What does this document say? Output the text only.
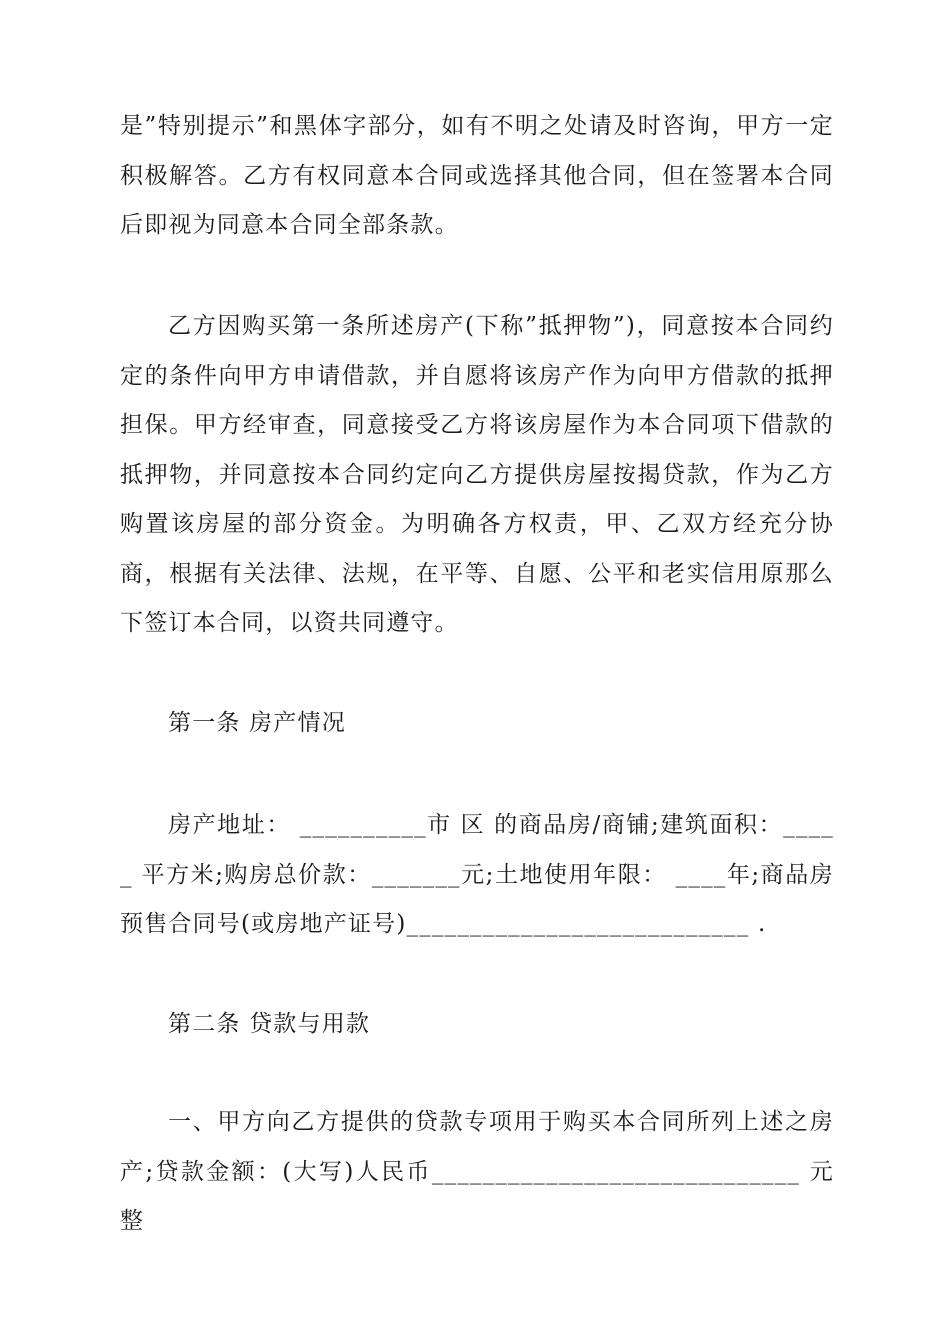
是”特别提示”和黑体字部分，如有不明之处请及时咨询，甲方一定积极解答。乙方有权同意本合同或选择其他合同，但在签署本合同后即视为同意本合同全部条款。

乙方因购买第一条所述房产(下称”抵押物”)，同意按本合同约定的条件向甲方申请借款，并自愿将该房产作为向甲方借款的抵押担保。甲方经审查，同意接受乙方将该房屋作为本合同项下借款的抵押物，并同意按本合同约定向乙方提供房屋按揭贷款，作为乙方购置该房屋的部分资金。为明确各方权责，甲、乙双方经充分协商，根据有关法律、法规，在平等、自愿、公平和老实信用原那么下签订本合同，以资共同遵守。

第一条 房产情况

房产地址： __________市 区 的商品房/商铺;建筑面积：_____ 平方米;购房总价款：_______元;土地使用年限： ____年;商品房预售合同号(或房地产证号)___________________________ .

第二条 贷款与用款

一、甲方向乙方提供的贷款专项用于购买本合同所列上述之房产;贷款金额：(大写)人民币_____________________________ 元整
